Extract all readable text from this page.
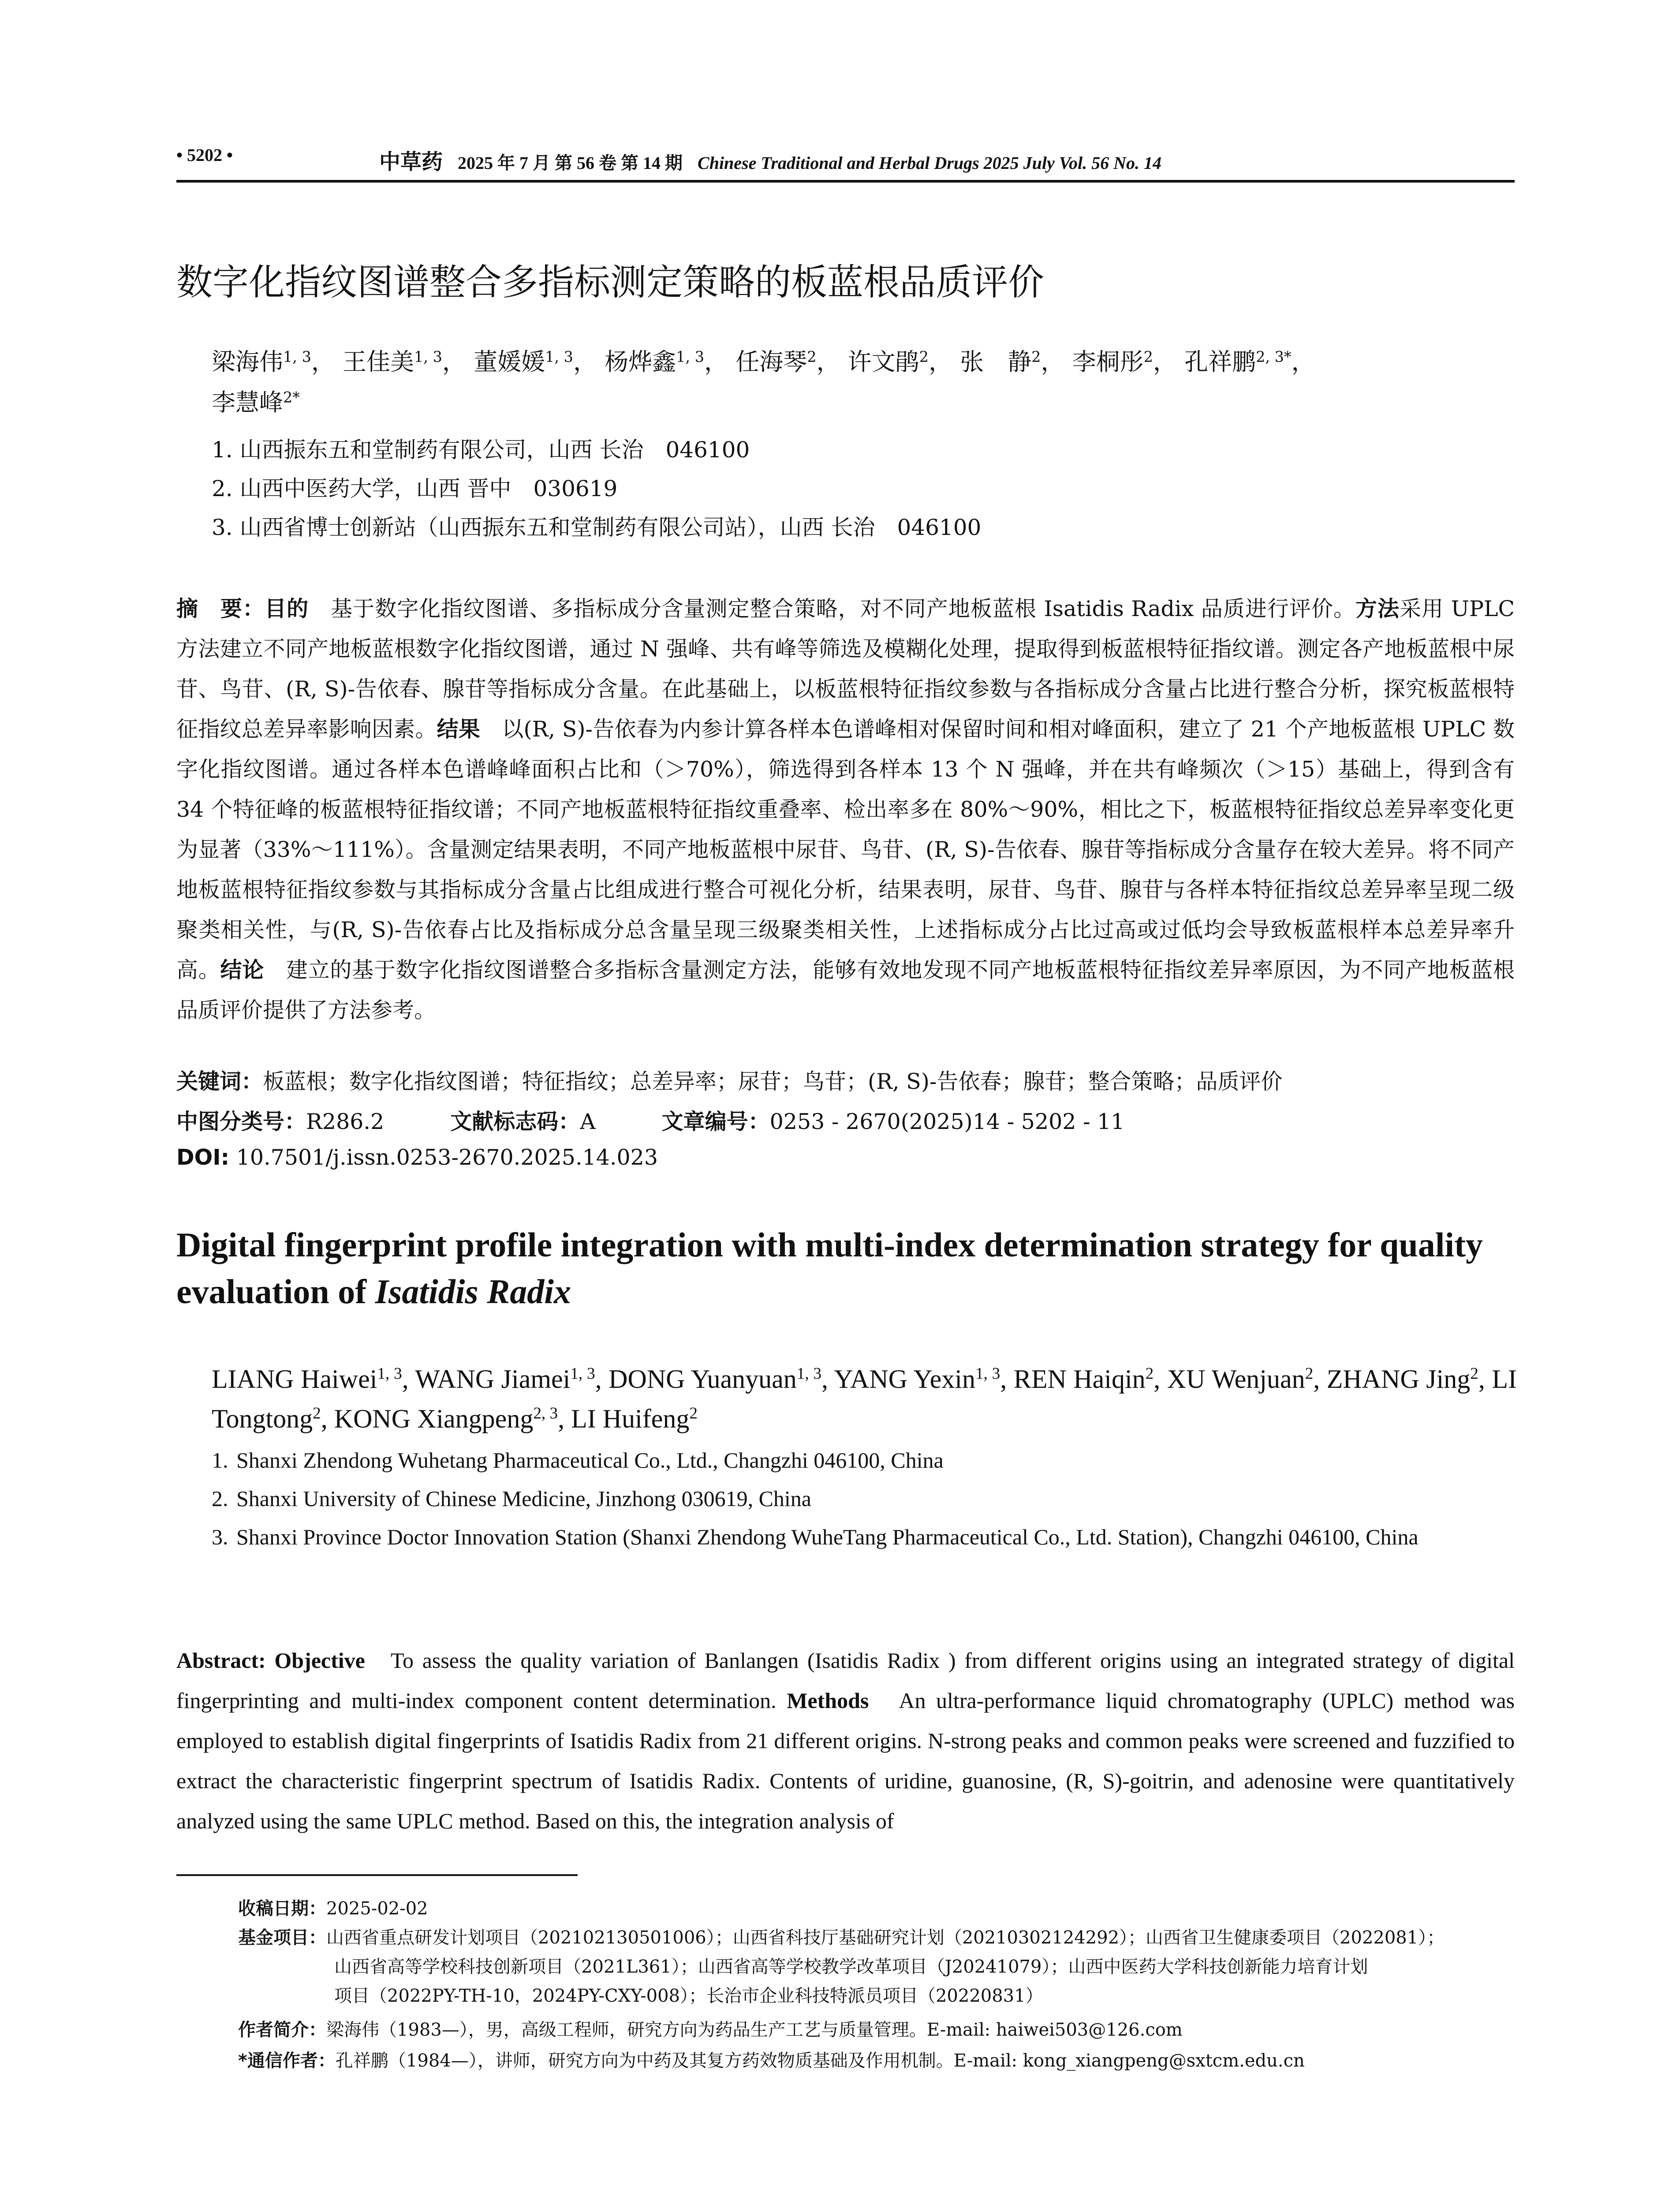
• 5202 •	中草药 2025 年 7 月 第 56 卷 第 14 期 Chinese Traditional and Herbal Drugs 2025 July Vol. 56 No. 14
数字化指纹图谱整合多指标测定策略的板蓝根品质评价
梁海伟$^{1, 3}$， 王佳美$^{1, 3}$， 董媛媛$^{1, 3}$， 杨烨鑫$^{1, 3}$， 任海琴$^2$， 许文鹃$^2$， 张　静$^2$， 李桐彤$^2$， 孔祥鹏$^{2, 3*}$，
李慧峰$^{2*}$
1. 山西振东五和堂制药有限公司，山西 长治　046100
2. 山西中医药大学，山西 晋中　030619
3. 山西省博士创新站（山西振东五和堂制药有限公司站），山西 长治　046100
摘　要：目的　 基于数字化指纹图谱、多指标成分含量测定整合策略，对不同产地板蓝根 Isatidis Radix 品质进行评价。方法采用 UPLC 方法建立不同产地板蓝根数字化指纹图谱，通过 N 强峰、共有峰等筛选及模糊化处理，提取得到板蓝根特征指纹谱。测定各产地板蓝根中尿苷、鸟苷、(R, S)-告依春、腺苷等指标成分含量。在此基础上，以板蓝根特征指纹参数与各指标成分含量占比进行整合分析，探究板蓝根特征指纹总差异率影响因素。结果　 以(R, S)-告依春为内参计算各样本色谱峰相对保留时间和相对峰面积，建立了 21 个产地板蓝根 UPLC 数字化指纹图谱。通过各样本色谱峰峰面积占比和（＞70%），筛选得到各样本 13 个 N 强峰，并在共有峰频次（＞15）基础上，得到含有 34 个特征峰的板蓝根特征指纹谱；不同产地板蓝根特征指纹重叠率、检出率多在 80%～90%，相比之下，板蓝根特征指纹总差异率变化更为显著（33%～111%）。含量测定结果表明，不同产地板蓝根中尿苷、鸟苷、(R, S)-告依春、腺苷等指标成分含量存在较大差异。将不同产地板蓝根特征指纹参数与其指标成分含量占比组成进行整合可视化分析，结果表明，尿苷、鸟苷、腺苷与各样本特征指纹总差异率呈现二级聚类相关性，与(R, S)-告依春占比及指标成分总含量呈现三级聚类相关性，上述指标成分占比过高或过低均会导致板蓝根样本总差异率升高。结论　 建立的基于数字化指纹图谱整合多指标含量测定方法，能够有效地发现不同产地板蓝根特征指纹差异率原因，为不同产地板蓝根品质评价提供了方法参考。
关键词：板蓝根；数字化指纹图谱；特征指纹；总差异率；尿苷；鸟苷；(R, S)-告依春；腺苷；整合策略；品质评价
中图分类号：R286.2	文献标志码：A	文章编号：0253 - 2670(2025)14 - 5202 - 11
DOI: 10.7501/j.issn.0253-2670.2025.14.023
Digital fingerprint profile integration with multi-index determination strategy for quality evaluation of Isatidis Radix
LIANG Haiwei$^{1, 3}$, WANG Jiamei$^{1, 3}$, DONG Yuanyuan$^{1, 3}$, YANG Yexin$^{1, 3}$, REN Haiqin$^2$, XU Wenjuan$^2$, ZHANG Jing$^2$, LI Tongtong$^2$, KONG Xiangpeng$^{2, 3}$, LI Huifeng$^2$
1. Shanxi Zhendong Wuhetang Pharmaceutical Co., Ltd., Changzhi 046100, China
2. Shanxi University of Chinese Medicine, Jinzhong 030619, China
3. Shanxi Province Doctor Innovation Station (Shanxi Zhendong WuheTang Pharmaceutical Co., Ltd. Station), Changzhi 046100, China
Abstract: Objective To assess the quality variation of Banlangen (Isatidis Radix ) from different origins using an integrated strategy of digital fingerprinting and multi-index component content determination. Methods An ultra-performance liquid chromatography (UPLC) method was employed to establish digital fingerprints of Isatidis Radix from 21 different origins. N-strong peaks and common peaks were screened and fuzzified to extract the characteristic fingerprint spectrum of Isatidis Radix. Contents of uridine, guanosine, (R, S)-goitrin, and adenosine were quantitatively analyzed using the same UPLC method. Based on this, the integration analysis of
收稿日期：2025-02-02
基金项目：山西省重点研发计划项目（202102130501006）；山西省科技厅基础研究计划（20210302124292）；山西省卫生健康委项目（2022081）；
山西省高等学校科技创新项目（2021L361）；山西省高等学校教学改革项目（J20241079）；山西中医药大学科技创新能力培育计划
项目（2022PY-TH-10，2024PY-CXY-008）；长治市企业科技特派员项目（20220831）
作者简介：梁海伟（1983—），男，高级工程师，研究方向为药品生产工艺与质量管理。E-mail: haiwei503@126.com
*通信作者：孔祥鹏（1984—），讲师，研究方向为中药及其复方药效物质基础及作用机制。E-mail: kong_xiangpeng@sxtcm.edu.cn
